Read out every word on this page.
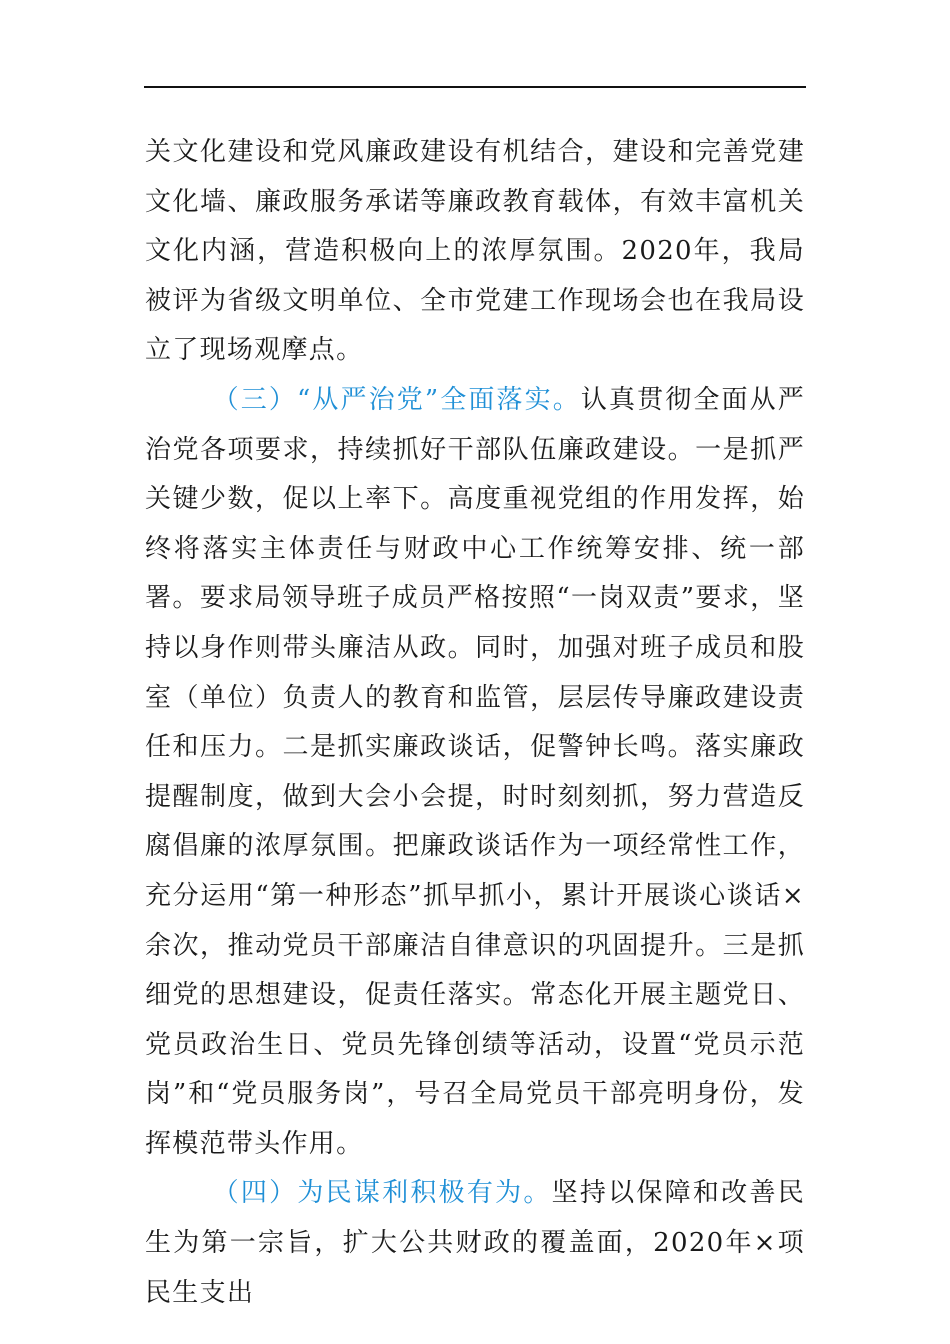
关文化建设和党风廉政建设有机结合，建设和完善党建文化墙、廉政服务承诺等廉政教育载体，有效丰富机关文化内涵，营造积极向上的浓厚氛围。2020年，我局被评为省级文明单位、全市党建工作现场会也在我局设立了现场观摩点。

（三）“从严治党”全面落实。认真贯彻全面从严治党各项要求，持续抓好干部队伍廉政建设。一是抓严关键少数，促以上率下。高度重视党组的作用发挥，始终将落实主体责任与财政中心工作统筹安排、统一部署。要求局领导班子成员严格按照“一岗双责”要求，坚持以身作则带头廉洁从政。同时，加强对班子成员和股室（单位）负责人的教育和监管，层层传导廉政建设责任和压力。二是抓实廉政谈话，促警钟长鸣。落实廉政提醒制度，做到大会小会提，时时刻刻抓，努力营造反腐倡廉的浓厚氛围。把廉政谈话作为一项经常性工作，充分运用“第一种形态”抓早抓小，累计开展谈心谈话×余次，推动党员干部廉洁自律意识的巩固提升。三是抓细党的思想建设，促责任落实。常态化开展主题党日、党员政治生日、党员先锋创绩等活动，设置“党员示范岗”和“党员服务岗”，号召全局党员干部亮明身份，发挥模范带头作用。

（四）为民谋利积极有为。坚持以保障和改善民生为第一宗旨，扩大公共财政的覆盖面，2020年×项民生支出
